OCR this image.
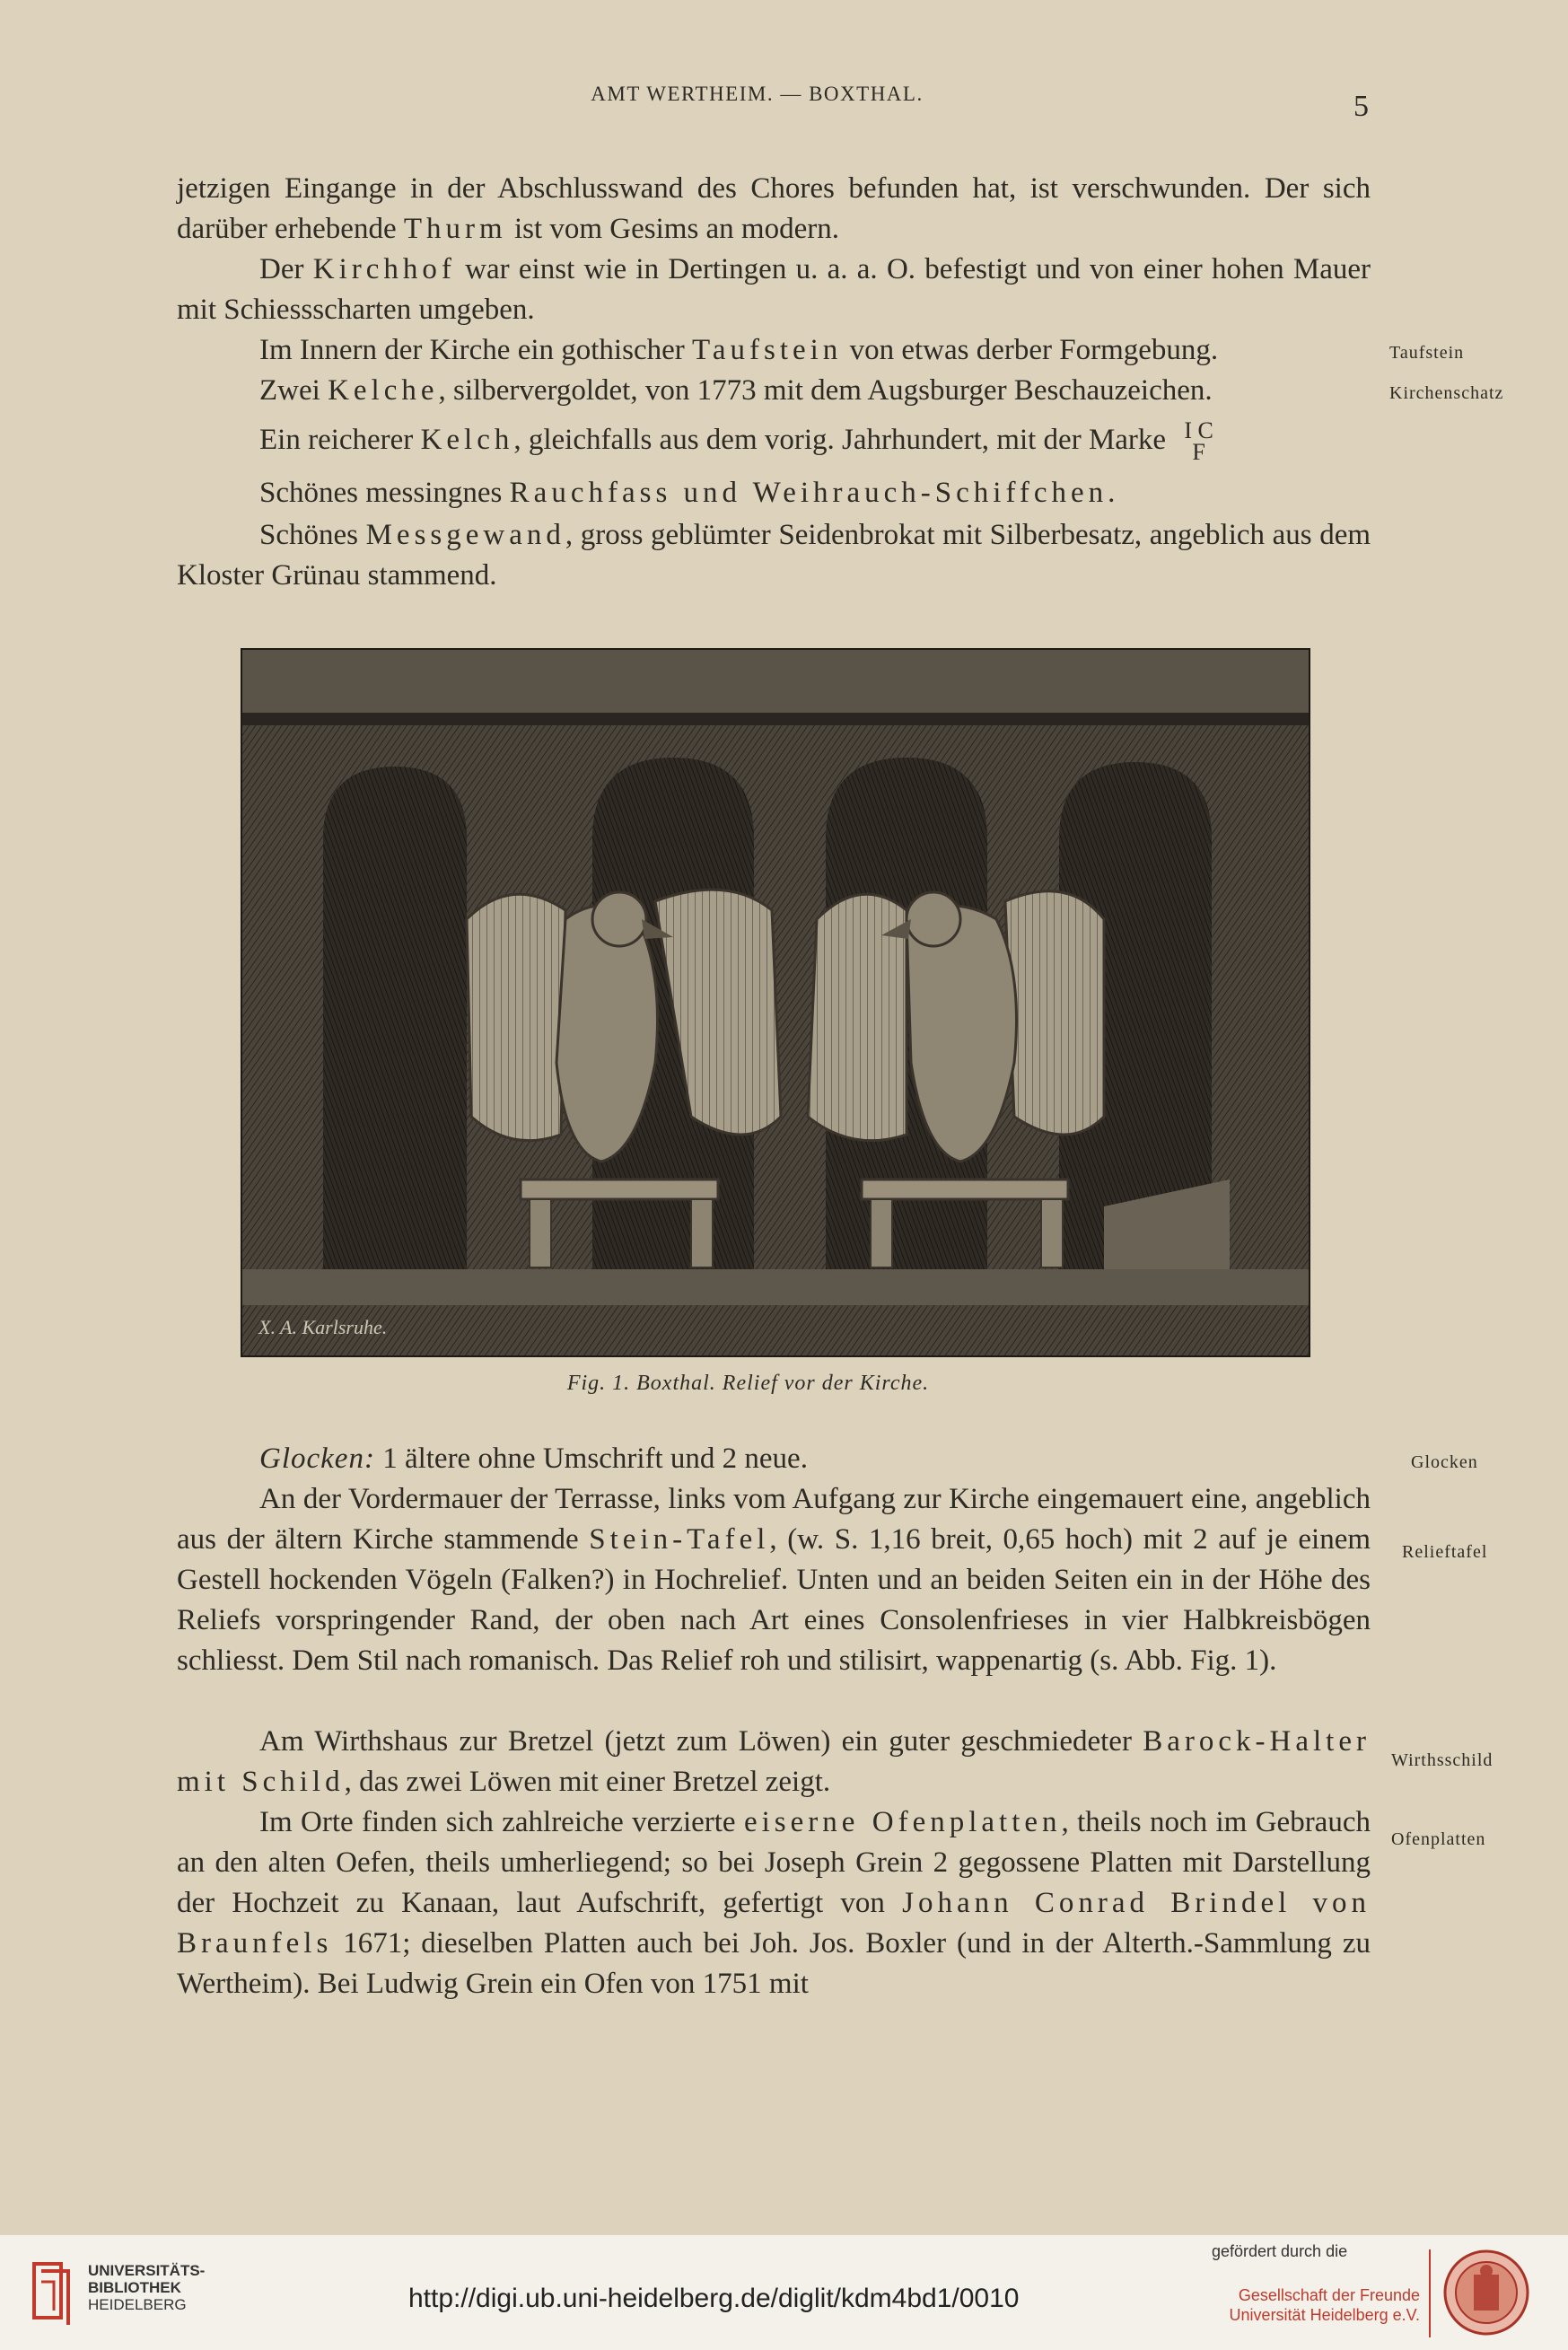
AMT WERTHEIM. — BOXTHAL.	5
jetzigen Eingange in der Abschlusswand des Chores befunden hat, ist verschwunden. Der sich darüber erhebende Thurm ist vom Gesims an modern.
Der Kirchhof war einst wie in Dertingen u. a. a. O. befestigt und von einer hohen Mauer mit Schiessscharten umgeben.
Im Innern der Kirche ein gothischer Taufstein von etwas derber Formgebung.	Taufstein
Zwei Kelche, silbervergoldet, von 1773 mit dem Augsburger Beschauzeichen.	Kirchenschatz
Ein reicherer Kelch, gleichfalls aus dem vorig. Jahrhundert, mit der Marke I C
F
Schönes messingnes Rauchfass und Weihrauch-Schiffchen.
Schönes Messgewand, gross geblümter Seidenbrokat mit Silberbesatz, angeblich aus dem Kloster Grünau stammend.
X. A. Karlsruhe.
Fig. 1. Boxthal. Relief vor der Kirche.
Glocken: 1 ältere ohne Umschrift und 2 neue.	Glocken
An der Vordermauer der Terrasse, links vom Aufgang zur Kirche eingemauert eine, angeblich aus der ältern Kirche stammende Stein-Tafel, (w. S. 1,16 breit, 0,65 hoch) mit 2 auf je einem Gestell hockenden Vögeln (Falken?) in Hochrelief. Unten und an beiden Seiten ein in der Höhe des Reliefs vorspringender Rand, der oben nach Art eines Consolenfrieses in vier Halbkreisbögen schliesst. Dem Stil nach romanisch. Das Relief roh und stilisirt, wappenartig (s. Abb. Fig. 1).
Relieftafel
Am Wirthshaus zur Bretzel (jetzt zum Löwen) ein guter geschmiedeter Barock-Halter mit Schild, das zwei Löwen mit einer Bretzel zeigt.
Wirthsschild
Im Orte finden sich zahlreiche verzierte eiserne Ofenplatten, theils noch im Gebrauch an den alten Oefen, theils umherliegend; so bei Joseph Grein 2 gegossene Platten mit Darstellung der Hochzeit zu Kanaan, laut Aufschrift, gefertigt von Johann Conrad Brindel von Braunfels 1671; dieselben Platten auch bei Joh. Jos. Boxler (und in der Alterth.-Sammlung zu Wertheim). Bei Ludwig Grein ein Ofen von 1751 mit
Ofenplatten
UNIVERSITÄTS-
BIBLIOTHEK
HEIDELBERG	http://digi.ub.uni-heidelberg.de/diglit/kdm4bd1/0010
gefördert durch die
Gesellschaft der Freunde
Universität Heidelberg e.V.
